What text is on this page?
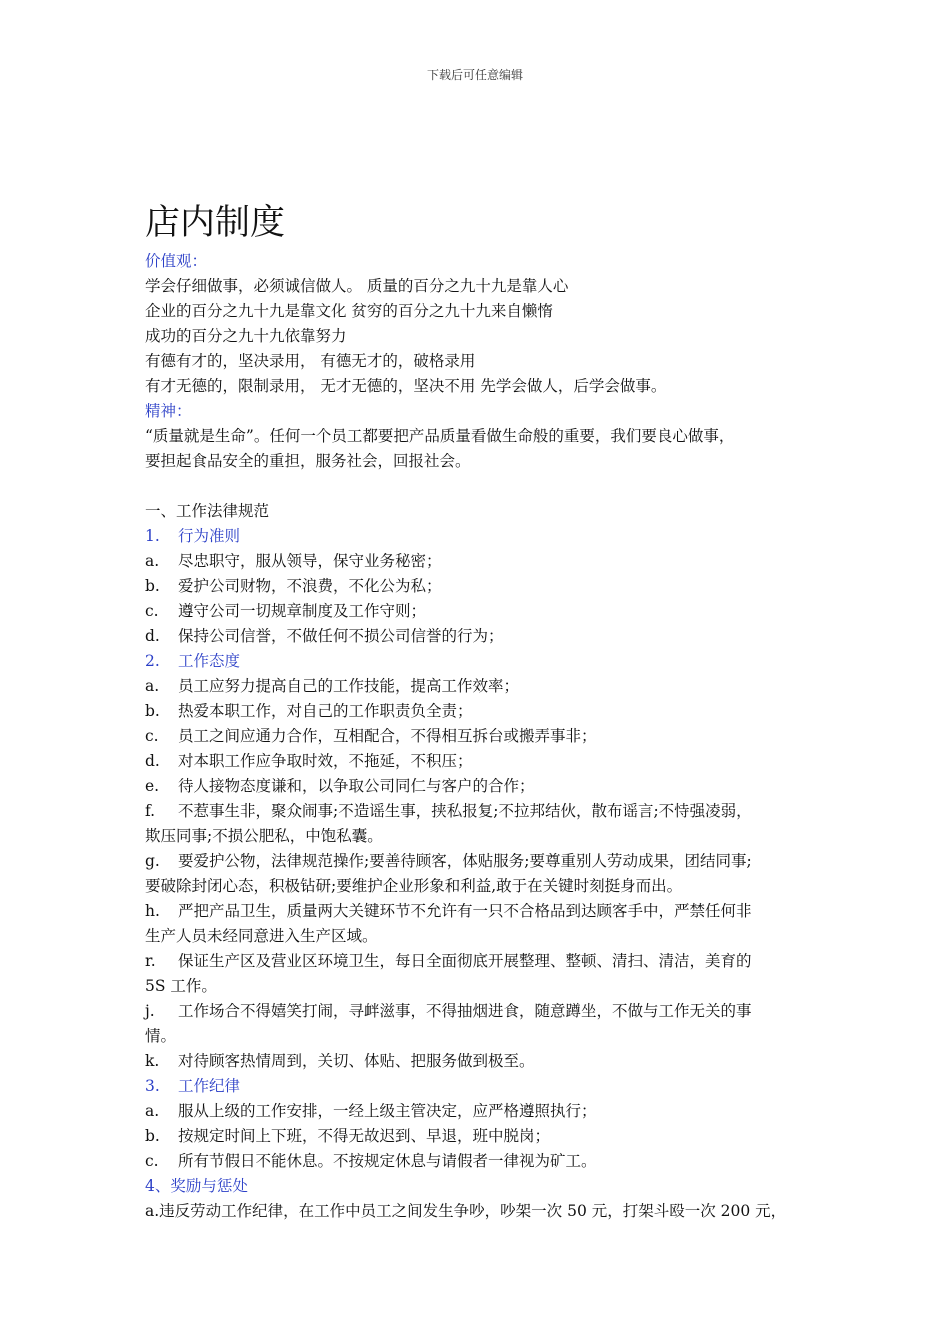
下载后可任意编辑
店内制度
价值观：
学会仔细做事，必须诚信做人。 质量的百分之九十九是靠人心
企业的百分之九十九是靠文化 贫穷的百分之九十九来自懒惰
成功的百分之九十九依靠努力
有德有才的，坚决录用， 有德无才的，破格录用
有才无德的，限制录用， 无才无德的，坚决不用 先学会做人，后学会做事。
精神：
“质量就是生命”。任何一个员工都要把产品质量看做生命般的重要，我们要良心做事，
要担起食品安全的重担，服务社会，回报社会。
一、工作法律规范
1. 行为准则
a. 尽忠职守，服从领导，保守业务秘密；
b. 爱护公司财物，不浪费，不化公为私；
c. 遵守公司一切规章制度及工作守则；
d. 保持公司信誉，不做任何不损公司信誉的行为；
2. 工作态度
a. 员工应努力提高自己的工作技能，提高工作效率；
b. 热爱本职工作，对自己的工作职责负全责；
c. 员工之间应通力合作，互相配合，不得相互拆台或搬弄事非；
d. 对本职工作应争取时效，不拖延，不积压；
e. 待人接物态度谦和，以争取公司同仁与客户的合作；
f. 不惹事生非，聚众闹事;不造谣生事，挟私报复;不拉邦结伙，散布谣言;不恃强凌弱，
欺压同事;不损公肥私，中饱私囊。
g. 要爱护公物，法律规范操作;要善待顾客，体贴服务;要尊重别人劳动成果，团结同事;
要破除封闭心态，积极钻研;要维护企业形象和利益,敢于在关键时刻挺身而出。
h. 严把产品卫生，质量两大关键环节不允许有一只不合格品到达顾客手中，严禁任何非
生产人员未经同意进入生产区域。
r. 保证生产区及营业区环境卫生，每日全面彻底开展整理、整顿、清扫、清洁，美育的
5S 工作。
j. 工作场合不得嬉笑打闹，寻衅滋事，不得抽烟进食，随意蹲坐，不做与工作无关的事
情。
k. 对待顾客热情周到，关切、体贴、把服务做到极至。
3. 工作纪律
a. 服从上级的工作安排，一经上级主管决定，应严格遵照执行；
b. 按规定时间上下班，不得无故迟到、早退，班中脱岗；
c. 所有节假日不能休息。不按规定休息与请假者一律视为矿工。
4、奖励与惩处
a.违反劳动工作纪律，在工作中员工之间发生争吵，吵架一次 50 元，打架斗殴一次 200 元，
